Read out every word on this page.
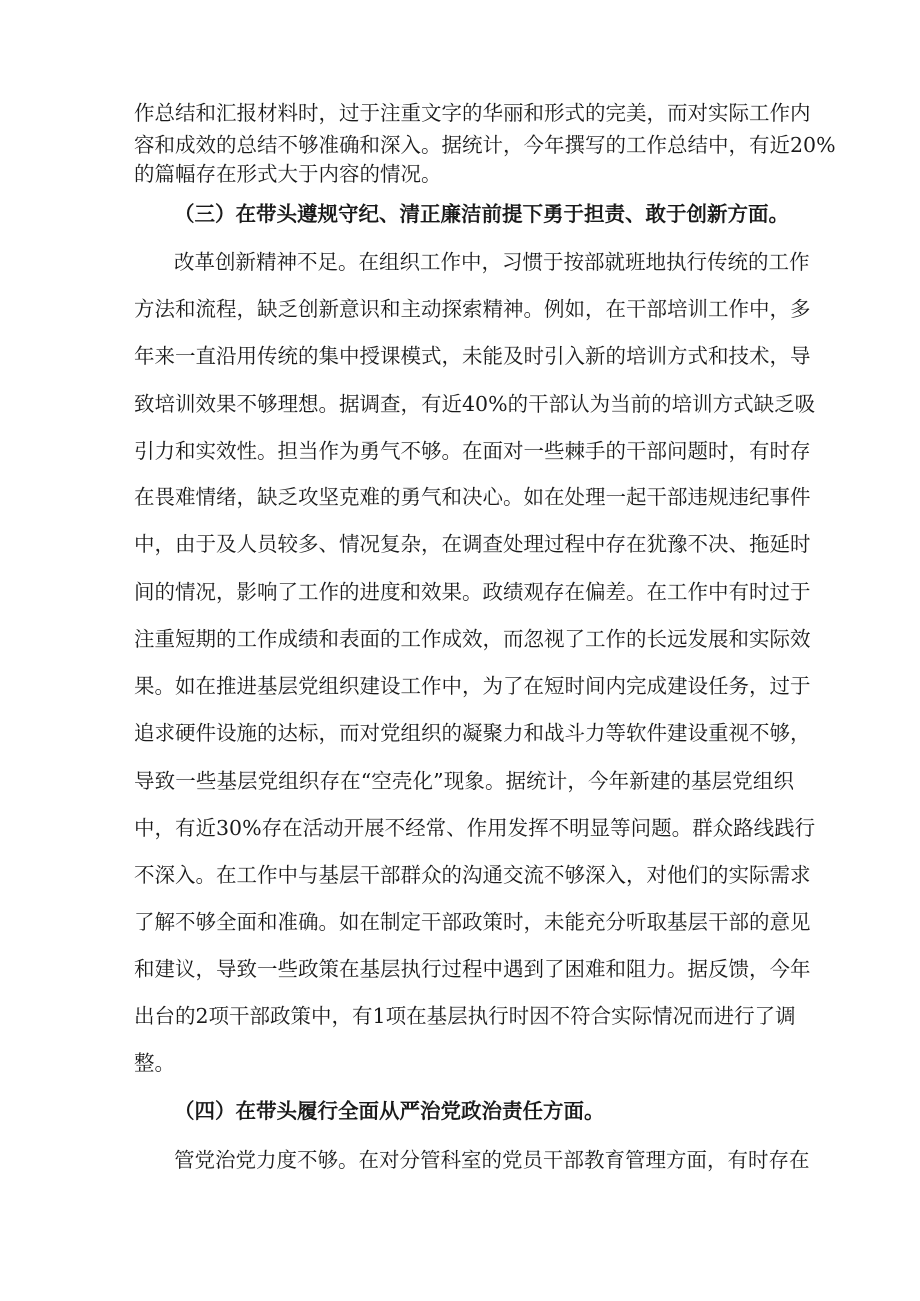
作总结和汇报材料时，过于注重文字的华丽和形式的完美，而对实际工作内
容和成效的总结不够准确和深入。据统计，今年撰写的工作总结中，有近20%
的篇幅存在形式大于内容的情况。
（三）在带头遵规守纪、清正廉洁前提下勇于担责、敢于创新方面。
改革创新精神不足。在组织工作中，习惯于按部就班地执行传统的工作
方法和流程，缺乏创新意识和主动探索精神。例如，在干部培训工作中，多
年来一直沿用传统的集中授课模式，未能及时引入新的培训方式和技术，导
致培训效果不够理想。据调查，有近40%的干部认为当前的培训方式缺乏吸
引力和实效性。担当作为勇气不够。在面对一些棘手的干部问题时，有时存
在畏难情绪，缺乏攻坚克难的勇气和决心。如在处理一起干部违规违纪事件
中，由于及人员较多、情况复杂，在调查处理过程中存在犹豫不决、拖延时
间的情况，影响了工作的进度和效果。政绩观存在偏差。在工作中有时过于
注重短期的工作成绩和表面的工作成效，而忽视了工作的长远发展和实际效
果。如在推进基层党组织建设工作中，为了在短时间内完成建设任务，过于
追求硬件设施的达标，而对党组织的凝聚力和战斗力等软件建设重视不够，
导致一些基层党组织存在“空壳化”现象。据统计，今年新建的基层党组织
中，有近30%存在活动开展不经常、作用发挥不明显等问题。群众路线践行
不深入。在工作中与基层干部群众的沟通交流不够深入，对他们的实际需求
了解不够全面和准确。如在制定干部政策时，未能充分听取基层干部的意见
和建议，导致一些政策在基层执行过程中遇到了困难和阻力。据反馈，今年
出台的2项干部政策中，有1项在基层执行时因不符合实际情况而进行了调
整。
（四）在带头履行全面从严治党政治责任方面。
管党治党力度不够。在对分管科室的党员干部教育管理方面，有时存在
